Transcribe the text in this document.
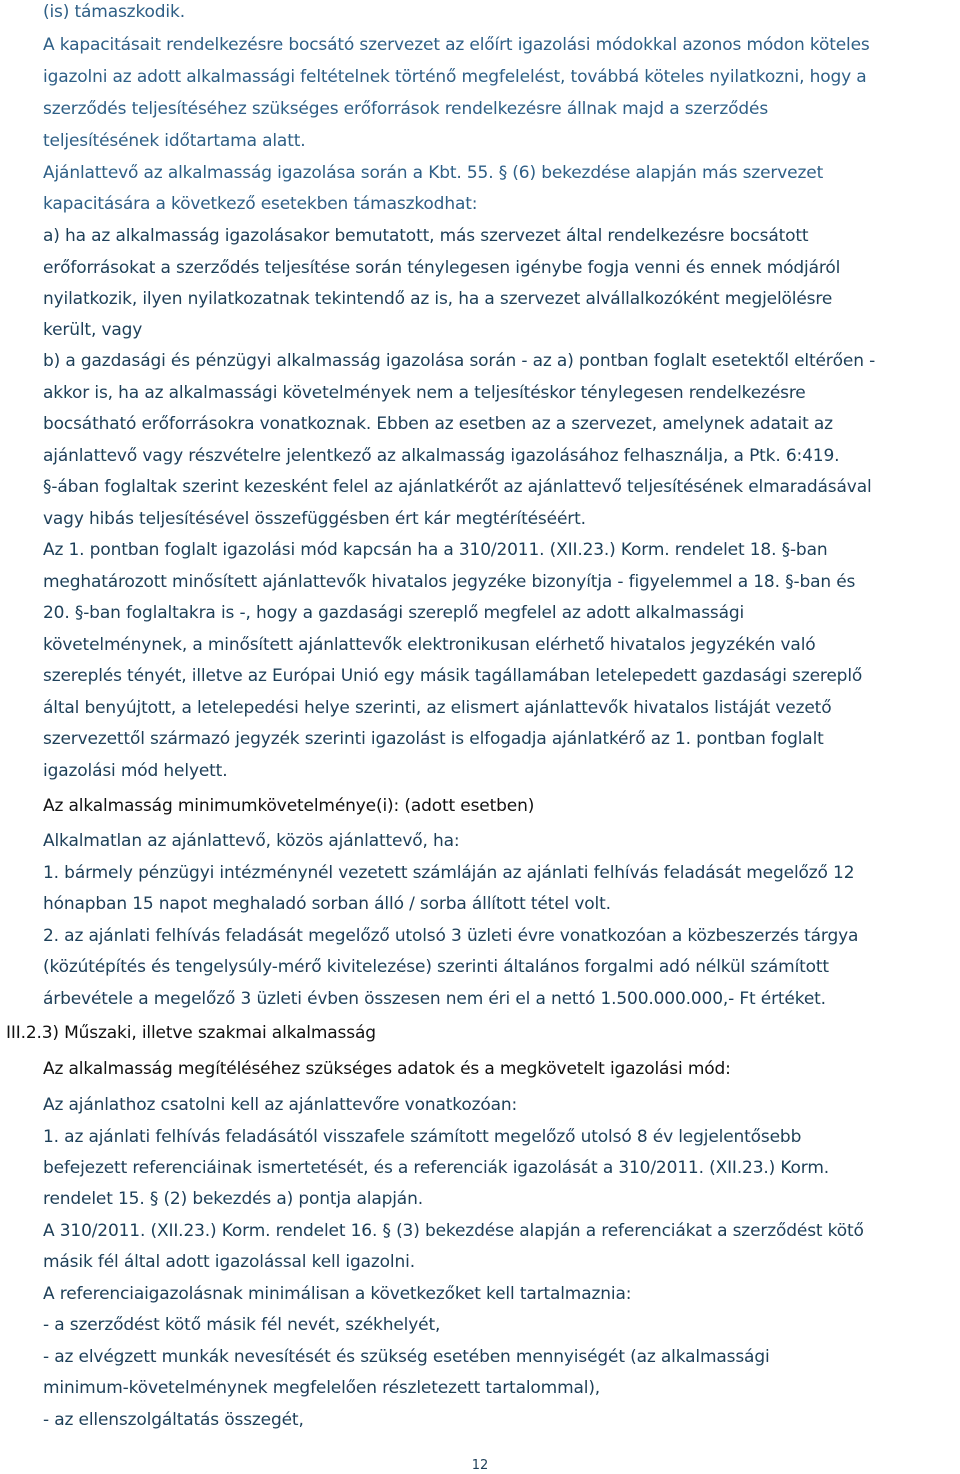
(is) támaszkodik.
A kapacitásait rendelkezésre bocsátó szervezet az előírt igazolási módokkal azonos módon köteles
igazolni az adott alkalmassági feltételnek történő megfelelést, továbbá köteles nyilatkozni, hogy a
szerződés teljesítéséhez szükséges erőforrások rendelkezésre állnak majd a szerződés
teljesítésének időtartama alatt.
Ajánlattevő az alkalmasság igazolása során a Kbt. 55. § (6) bekezdése alapján más szervezet
kapacitására a következő esetekben támaszkodhat:
a) ha az alkalmasság igazolásakor bemutatott, más szervezet által rendelkezésre bocsátott
erőforrásokat a szerződés teljesítése során ténylegesen igénybe fogja venni és ennek módjáról
nyilatkozik, ilyen nyilatkozatnak tekintendő az is, ha a szervezet alvállalkozóként megjelölésre
került, vagy
b) a gazdasági és pénzügyi alkalmasság igazolása során - az a) pontban foglalt esetektől eltérően -
akkor is, ha az alkalmassági követelmények nem a teljesítéskor ténylegesen rendelkezésre
bocsátható erőforrásokra vonatkoznak. Ebben az esetben az a szervezet, amelynek adatait az
ajánlattevő vagy részvételre jelentkező az alkalmasság igazolásához felhasználja, a Ptk. 6:419.
§-ában foglaltak szerint kezesként felel az ajánlatkérőt az ajánlattevő teljesítésének elmaradásával
vagy hibás teljesítésével összefüggésben ért kár megtérítéséért.
Az 1. pontban foglalt igazolási mód kapcsán ha a 310/2011. (XII.23.) Korm. rendelet 18. §-ban
meghatározott minősített ajánlattevők hivatalos jegyzéke bizonyítja - figyelemmel a 18. §-ban és
20. §-ban foglaltakra is -, hogy a gazdasági szereplő megfelel az adott alkalmassági
követelménynek, a minősített ajánlattevők elektronikusan elérhető hivatalos jegyzékén való
szereplés tényét, illetve az Európai Unió egy másik tagállamában letelepedett gazdasági szereplő
által benyújtott, a letelepedési helye szerinti, az elismert ajánlattevők hivatalos listáját vezető
szervezettől származó jegyzék szerinti igazolást is elfogadja ajánlatkérő az 1. pontban foglalt
igazolási mód helyett.
Az alkalmasság minimumkövetelménye(i): (adott esetben)
Alkalmatlan az ajánlattevő, közös ajánlattevő, ha:
1. bármely pénzügyi intézménynél vezetett számláján az ajánlati felhívás feladását megelőző 12
hónapban 15 napot meghaladó sorban álló / sorba állított tétel volt.
2. az ajánlati felhívás feladását megelőző utolsó 3 üzleti évre vonatkozóan a közbeszerzés tárgya
(közútépítés és tengelysúly-mérő kivitelezése) szerinti általános forgalmi adó nélkül számított
árbevétele a megelőző 3 üzleti évben összesen nem éri el a nettó 1.500.000.000,- Ft értéket.
III.2.3) Műszaki, illetve szakmai alkalmasság
Az alkalmasság megítéléséhez szükséges adatok és a megkövetelt igazolási mód:
Az ajánlathoz csatolni kell az ajánlattevőre vonatkozóan:
1. az ajánlati felhívás feladásától visszafele számított megelőző utolsó 8 év legjelentősebb
befejezett referenciáinak ismertetését, és a referenciák igazolását a 310/2011. (XII.23.) Korm.
rendelet 15. § (2) bekezdés a) pontja alapján.
A 310/2011. (XII.23.) Korm. rendelet 16. § (3) bekezdése alapján a referenciákat a szerződést kötő
másik fél által adott igazolással kell igazolni.
A referenciaigazolásnak minimálisan a következőket kell tartalmaznia:
- a szerződést kötő másik fél nevét, székhelyét,
- az elvégzett munkák nevesítését és szükség esetében mennyiségét (az alkalmassági
minimum-követelménynek megfelelően részletezett tartalommal),
- az ellenszolgáltatás összegét,
12
